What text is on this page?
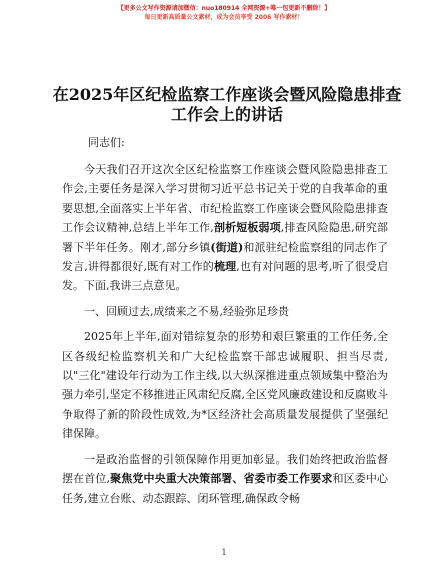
【更多公文写作资源请加微信：nuo180914 全网资源+唯一包更新不删除！】
每日更新高质量公文素材，成为会员享受 2006 写作素材！
在2025年区纪检监察工作座谈会暨风险隐患排查工作会上的讲话
同志们:

今天我们召开这次全区纪检监察工作座谈会暨风险隐患排查工作会,主要任务是深入学习贯彻习近平总书记关于党的自我革命的重要思想,全面落实上半年省、市纪检监察工作座谈会暨风险隐患排查工作会议精神,总结上半年工作,剖析短板弱项,排查风险隐患,研究部署下半年任务。刚才,部分乡镇(街道)和派驻纪检监察组的同志作了发言,讲得都很好,既有对工作的梳理,也有对问题的思考,听了很受启发。下面,我讲三点意见。

一、回顾过去,成绩来之不易,经验弥足珍贵

2025年上半年,面对错综复杂的形势和艰巨繁重的工作任务,全区各级纪检监察机关和广大纪检监察干部忠诚履职、担当尽责,以"三化"建设年行动为工作主线,以大纵深推进重点领域集中整治为强力牵引,坚定不移推进正风肃纪反腐,全区党风廉政建设和反腐败斗争取得了新的阶段性成效,为*区经济社会高质量发展提供了坚强纪律保障。

一是政治监督的引领保障作用更加彰显。我们始终把政治监督摆在首位,聚焦党中央重大决策部署、省委市委工作要求和区委中心任务,建立台账、动态跟踪、闭环管理,确保政令畅

1
